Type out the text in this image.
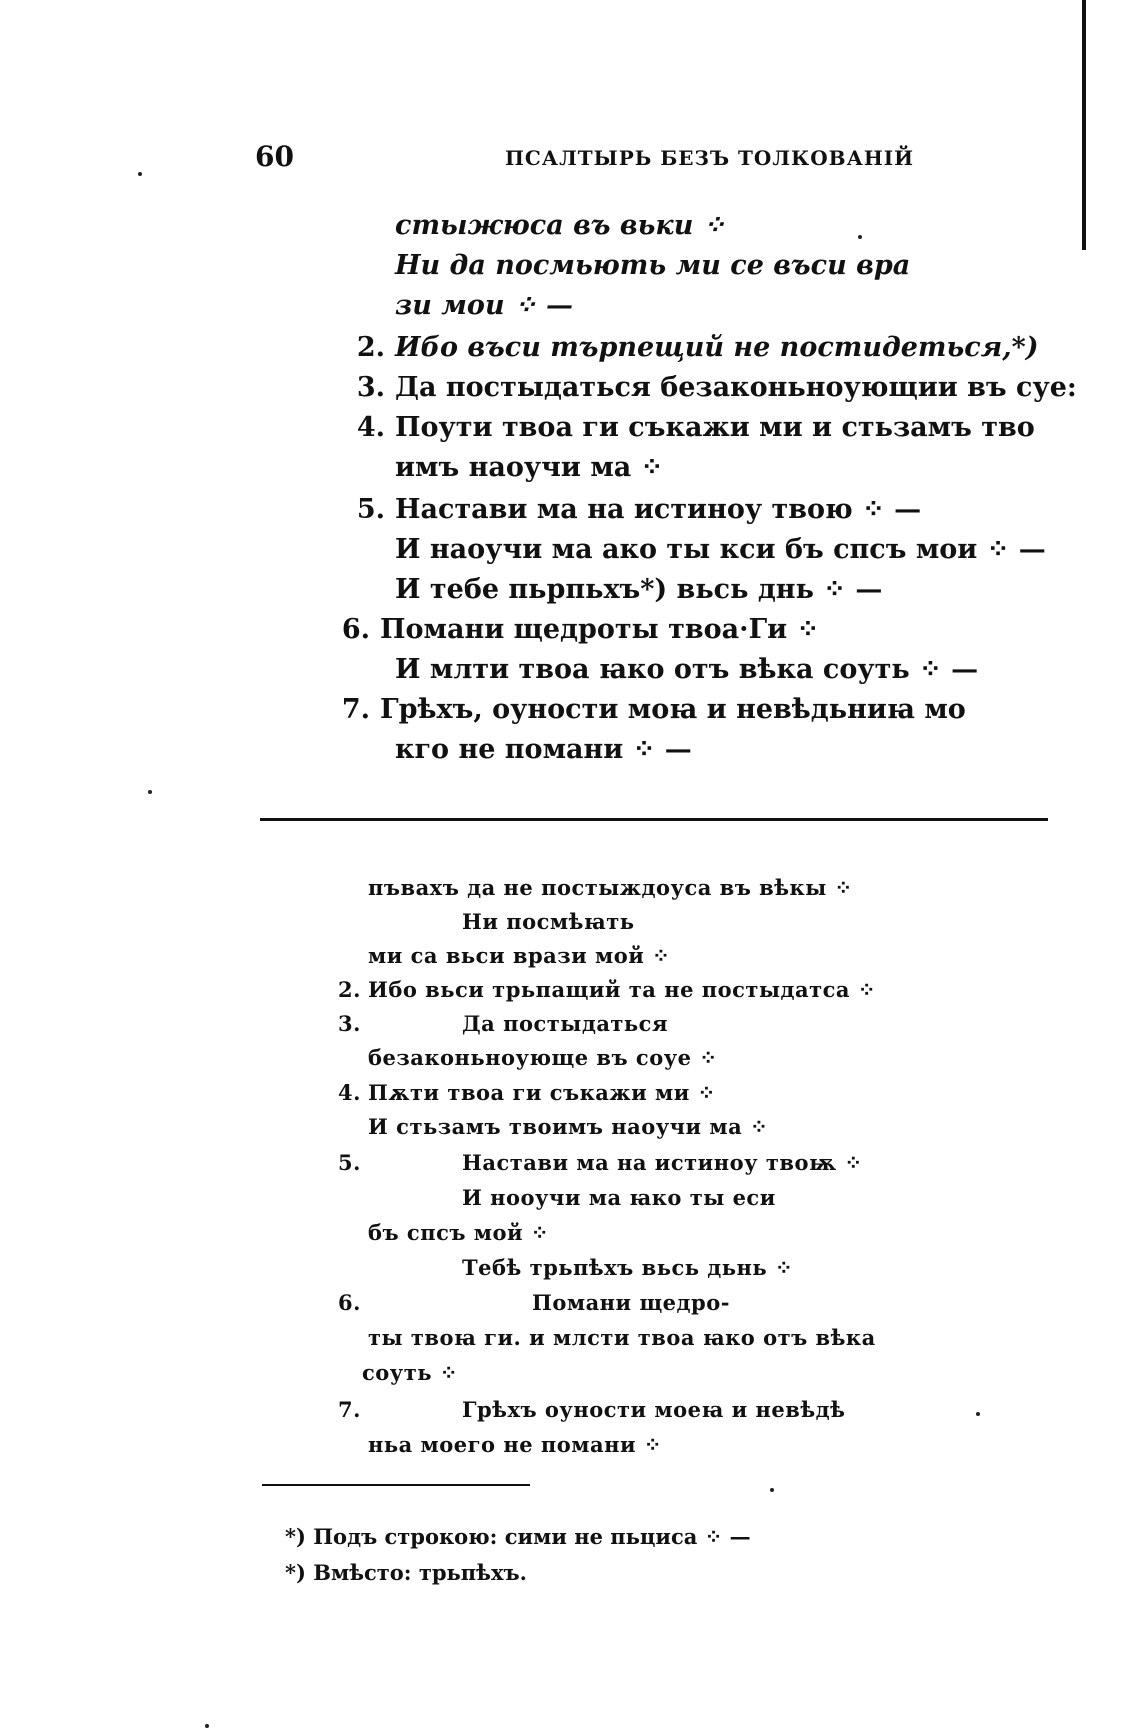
60	ПСАЛТЫРЬ БЕЗЪ ТОЛКОВАНІЙ
стыжюса въ вьки ⁘
Ни да посмьють ми се въси вра
зи мои ⁘ —
2. Ибо въси търпещий не постидеться,*)
3. Да постыдаться безаконьноующии въ суе:
4. Поути твоа ги съкажи ми и стьзамъ тво
имъ наоучи ма ⁘
5. Настави ма на истиноу твою ⁘ —
И наоучи ма ако ты кси бъ спсъ мои ⁘ —
И тебе пьрпьхъ*) вьсь днь ⁘ —
6. Помани щедроты твоа·Ги ⁘
И млти твоа ꙗко отъ вѣка соуть ⁘ —
7. Грѣхъ, оуности моꙗ и невѣдьниꙗ мо
кго не помани ⁘ —
пъвахъ да не постыждоуса въ вѣкы ⁘
Ни посмѣꙗть
ми са вьси врази мой ⁘
2. Ибо вьси трьпащий та не постыдатса ⁘
3.	Да постыдаться
безаконьноующе въ соуе ⁘
4. Пѫти твоа ги съкажи ми ⁘
И стьзамъ твоимъ наоучи ма ⁘
5.	Настави ма на истиноу твоѭ ⁘
И нооучи ма ꙗко ты еси
бъ спсъ мой ⁘
Тебѣ трьпѣхъ вьсь дьнь ⁘
6.	Помани щедро-
ты твоꙗ ги. и млсти твоа ꙗко отъ вѣка
соуть ⁘
7.	Грѣхъ оуности моеꙗ и невѣдѣ
ньа моего не помани ⁘
*) Подъ строкою: сими не пьциса ⁘ —
*) Вмѣсто: трьпѣхъ.
